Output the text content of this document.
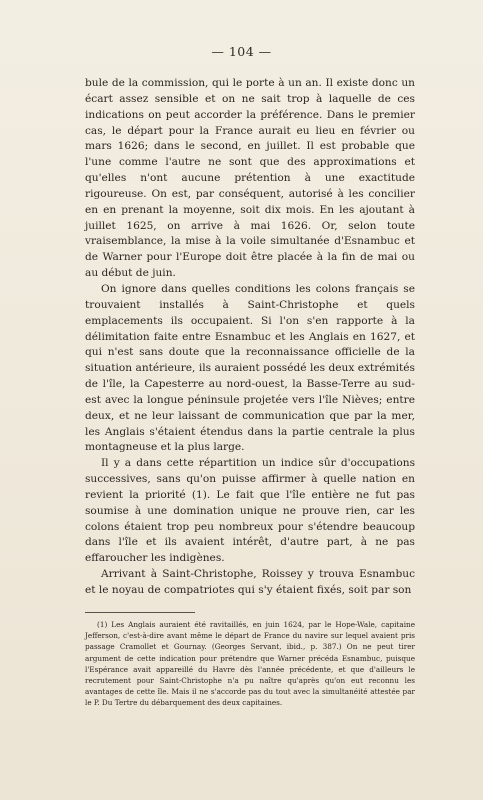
— 104 —

bule de la commission, qui le porte à un an. Il existe donc un écart assez sensible et on ne sait trop à laquelle de ces indications on peut accorder la préférence. Dans le premier cas, le départ pour la France aurait eu lieu en février ou mars 1626; dans le second, en juillet. Il est probable que l'une comme l'autre ne sont que des approximations et qu'elles n'ont aucune prétention à une exactitude rigoureuse. On est, par conséquent, autorisé à les concilier en en prenant la moyenne, soit dix mois. En les ajoutant à juillet 1625, on arrive à mai 1626. Or, selon toute vraisemblance, la mise à la voile simultanée d'Esnambuc et de Warner pour l'Europe doit être placée à la fin de mai ou au début de juin.

On ignore dans quelles conditions les colons français se trouvaient installés à Saint-Christophe et quels emplacements ils occupaient. Si l'on s'en rapporte à la délimitation faite entre Esnambuc et les Anglais en 1627, et qui n'est sans doute que la reconnaissance officielle de la situation antérieure, ils auraient possédé les deux extrémités de l'île, la Capesterre au nord-ouest, la Basse-Terre au sud-est avec la longue péninsule projetée vers l'île Nièves; entre deux, et ne leur laissant de communication que par la mer, les Anglais s'étaient étendus dans la partie centrale la plus montagneuse et la plus large.

Il y a dans cette répartition un indice sûr d'occupations successives, sans qu'on puisse affirmer à quelle nation en revient la priorité (1). Le fait que l'île entière ne fut pas soumise à une domination unique ne prouve rien, car les colons étaient trop peu nombreux pour s'étendre beaucoup dans l'île et ils avaient intérêt, d'autre part, à ne pas effaroucher les indigènes.

Arrivant à Saint-Christophe, Roissey y trouva Esnambuc et le noyau de compatriotes qui s'y étaient fixés, soit par son

(1) Les Anglais auraient été ravitaillés, en juin 1624, par le Hope-Wale, capitaine Jefferson, c'est-à-dire avant même le départ de France du navire sur lequel avaient pris passage Cramollet et Gournay. (Georges Servant, ibid., p. 387.) On ne peut tirer argument de cette indication pour prétendre que Warner précéda Esnambuc, puisque l'Espérance avait appareillé du Havre dès l'année précédente, et que d'ailleurs le recrutement pour Saint-Christophe n'a pu naître qu'après qu'on eut reconnu les avantages de cette île. Mais il ne s'accorde pas du tout avec la simultanéité attestée par le P. Du Tertre du débarquement des deux capitaines.
